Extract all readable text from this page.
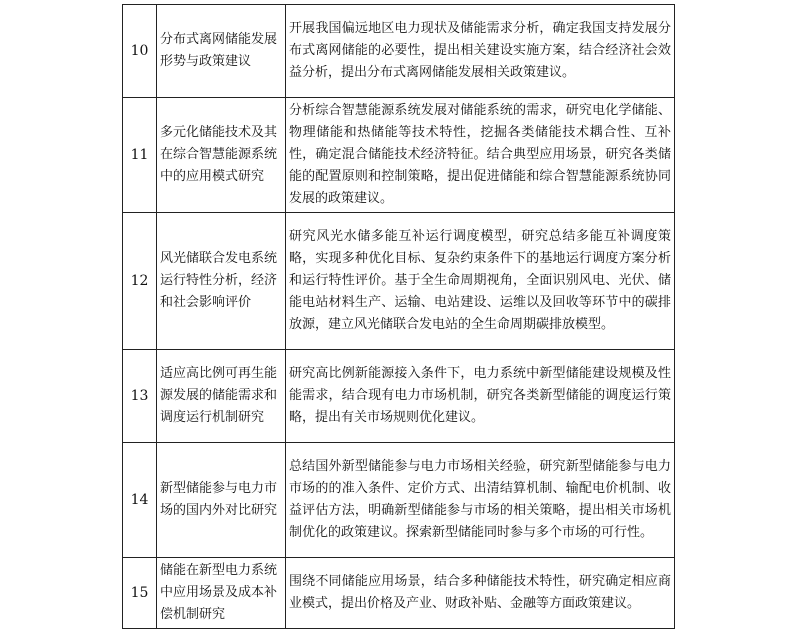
10	分布式离网储能发展形势与政策建议	开展我国偏远地区电力现状及储能需求分析，确定我国支持发展分布式离网储能的必要性，提出相关建设实施方案，结合经济社会效益分析，提出分布式离网储能发展相关政策建议。
11	多元化储能技术及其在综合智慧能源系统中的应用模式研究	分析综合智慧能源系统发展对储能系统的需求，研究电化学储能、物理储能和热储能等技术特性，挖掘各类储能技术耦合性、互补性，确定混合储能技术经济特征。结合典型应用场景，研究各类储能的配置原则和控制策略，提出促进储能和综合智慧能源系统协同发展的政策建议。
12	风光储联合发电系统运行特性分析，经济和社会影响评价	研究风光水储多能互补运行调度模型，研究总结多能互补调度策略，实现多种优化目标、复杂约束条件下的基地运行调度方案分析和运行特性评价。基于全生命周期视角，全面识别风电、光伏、储能电站材料生产、运输、电站建设、运维以及回收等环节中的碳排放源，建立风光储联合发电站的全生命周期碳排放模型。
13	适应高比例可再生能源发展的储能需求和调度运行机制研究	研究高比例新能源接入条件下，电力系统中新型储能建设规模及性能需求，结合现有电力市场机制，研究各类新型储能的调度运行策略，提出有关市场规则优化建议。
14	新型储能参与电力市场的国内外对比研究	总结国外新型储能参与电力市场相关经验，研究新型储能参与电力市场的的准入条件、定价方式、出清结算机制、输配电价机制、收益评估方法，明确新型储能参与市场的相关策略，提出相关市场机制优化的政策建议。探索新型储能同时参与多个市场的可行性。
15	储能在新型电力系统中应用场景及成本补偿机制研究	围绕不同储能应用场景，结合多种储能技术特性，研究确定相应商业模式，提出价格及产业、财政补贴、金融等方面政策建议。
